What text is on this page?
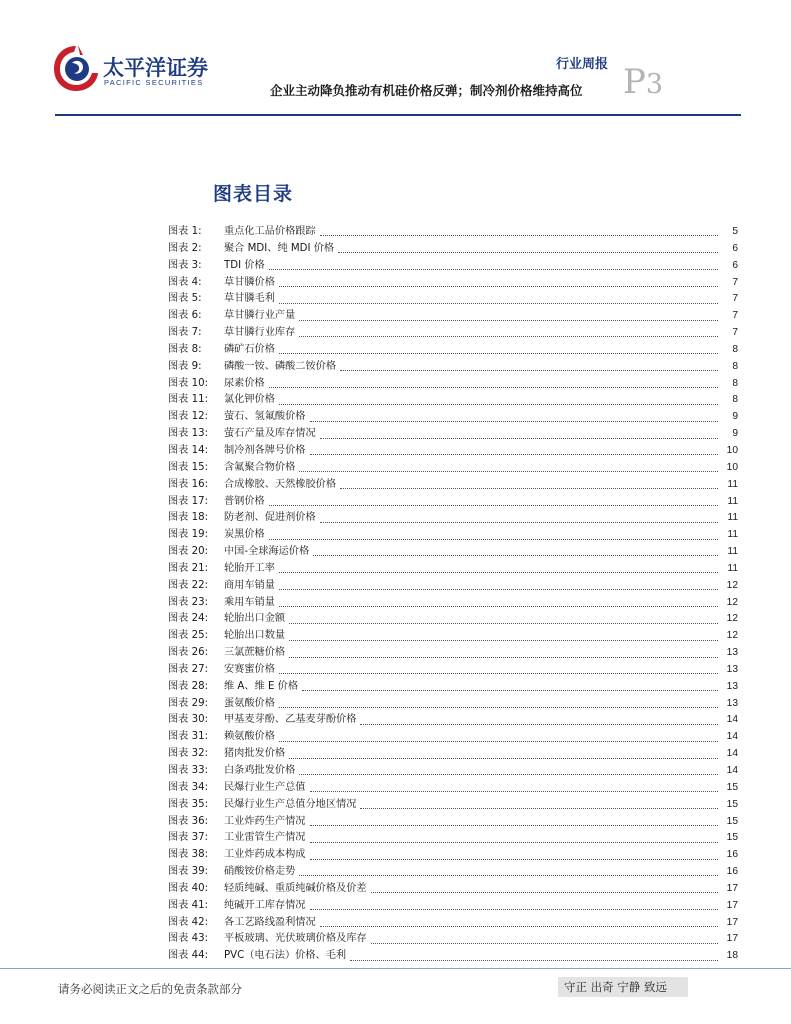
太平洋证券
PACIFIC SECURITIES
行业周报
企业主动降负推动有机硅价格反弹；制冷剂价格维持高位 P3
图表目录
图表 1:	重点化工品价格跟踪	5
图表 2:	聚合 MDI、纯 MDI 价格	6
图表 3:	TDI 价格	6
图表 4:	草甘膦价格	7
图表 5:	草甘膦毛利	7
图表 6:	草甘膦行业产量	7
图表 7:	草甘膦行业库存	7
图表 8:	磷矿石价格	8
图表 9:	磷酸一铵、磷酸二铵价格	8
图表 10:	尿素价格	8
图表 11:	氯化钾价格	8
图表 12:	萤石、氢氟酸价格	9
图表 13:	萤石产量及库存情况	9
图表 14:	制冷剂各牌号价格	10
图表 15:	含氟聚合物价格	10
图表 16:	合成橡胶、天然橡胶价格	11
图表 17:	普钢价格	11
图表 18:	防老剂、促进剂价格	11
图表 19:	炭黑价格	11
图表 20:	中国-全球海运价格	11
图表 21:	轮胎开工率	11
图表 22:	商用车销量	12
图表 23:	乘用车销量	12
图表 24:	轮胎出口金额	12
图表 25:	轮胎出口数量	12
图表 26:	三氯蔗糖价格	13
图表 27:	安赛蜜价格	13
图表 28:	维 A、维 E 价格	13
图表 29:	蛋氨酸价格	13
图表 30:	甲基麦芽酚、乙基麦芽酚价格	14
图表 31:	赖氨酸价格	14
图表 32:	猪肉批发价格	14
图表 33:	白条鸡批发价格	14
图表 34:	民爆行业生产总值	15
图表 35:	民爆行业生产总值分地区情况	15
图表 36:	工业炸药生产情况	15
图表 37:	工业雷管生产情况	15
图表 38:	工业炸药成本构成	16
图表 39:	硝酸铵价格走势	16
图表 40:	轻质纯碱、重质纯碱价格及价差	17
图表 41:	纯碱开工库存情况	17
图表 42:	各工艺路线盈利情况	17
图表 43:	平板玻璃、光伏玻璃价格及库存	17
图表 44:	PVC（电石法）价格、毛利	18
请务必阅读正文之后的免责条款部分	守正 出奇 宁静 致远
